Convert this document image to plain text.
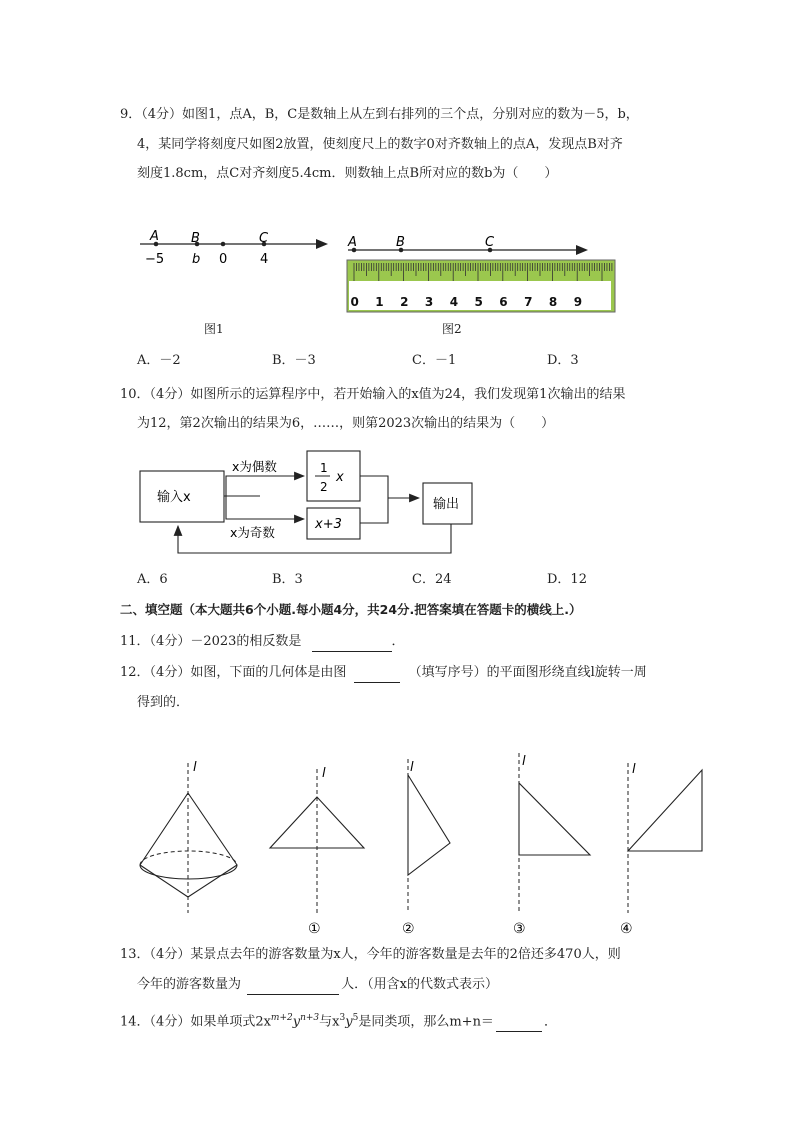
9．（4分）如图1，点A，B，C是数轴上从左到右排列的三个点，分别对应的数为－5，b，
4，某同学将刻度尺如图2放置，使刻度尺上的数字0对齐数轴上的点A，发现点B对齐
刻度1.8cm，点C对齐刻度5.4cm．则数轴上点B所对应的数b为（　　）
A B	C
−5 b 0	4
图1
A	B	C
0 1 2 3 4 5 6 7 8 9
图2
A．－2	B．－3	C．－1	D．3
10．（4分）如图所示的运算程序中，若开始输入的x值为24，我们发现第1次输出的结果
为12，第2次输出的结果为6，……，则第2023次输出的结果为（　　）
输入x
x为偶数
x为奇数
1
2
x
x+3
输出
A．6	B．3	C．24	D．12
二、填空题（本大题共6个小题.每小题4分，共24分.把答案填在答题卡的横线上.）
11．（4分）－2023的相反数是	．
12．（4分）如图，下面的几何体是由图	（填写序号）的平面图形绕直线l旋转一周
得到的．
l	l
①
l
②
l
③
l
④
13．（4分）某景点去年的游客数量为x人，今年的游客数量是去年的2倍还多470人，则
今年的游客数量为	人．（用含x的代数式表示）
14．（4分）如果单项式$2x^{m+2}y^{n+3}$与$x^3y^5$是同类项，那么m+n＝	．
